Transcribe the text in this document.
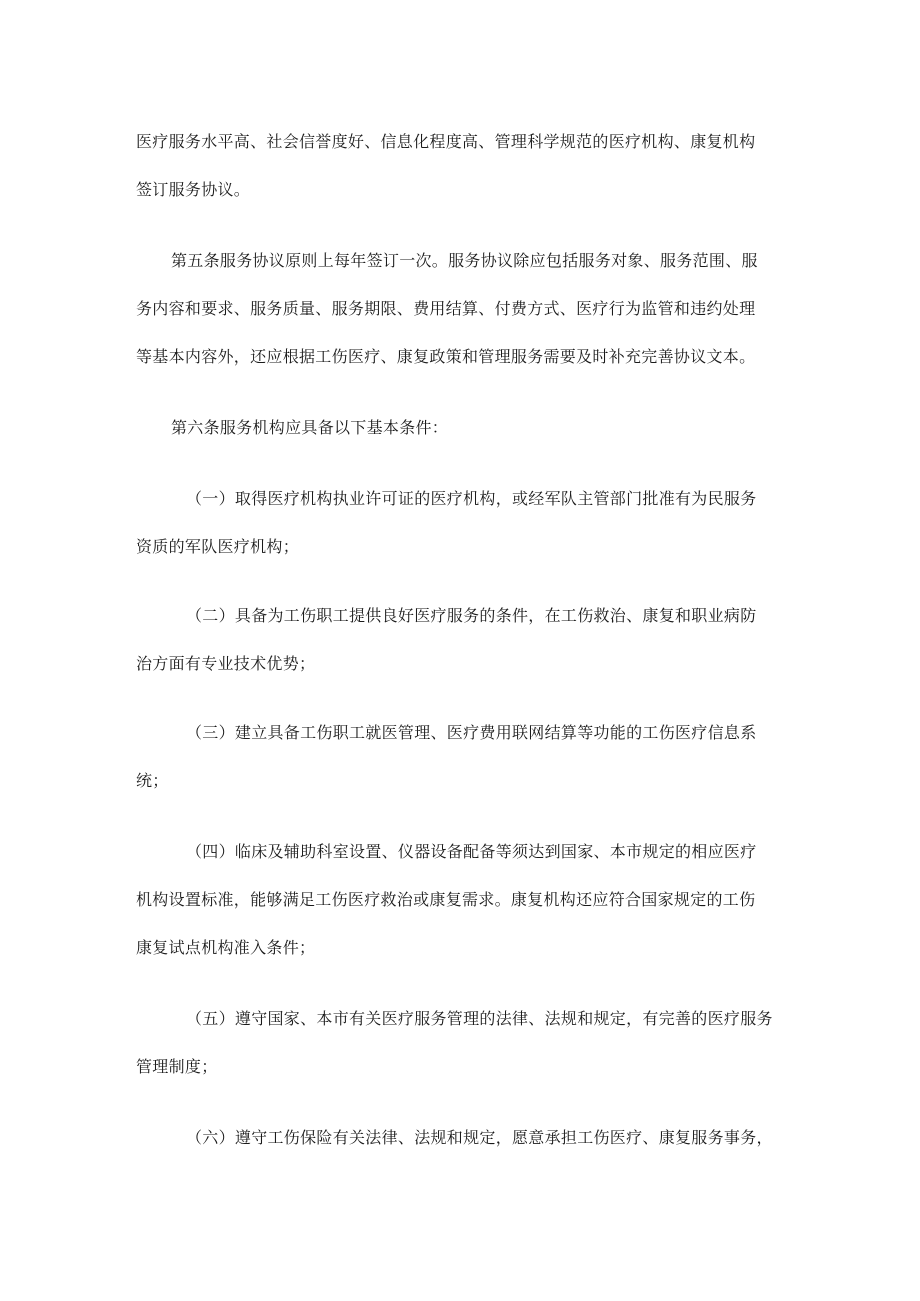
医疗服务水平高、社会信誉度好、信息化程度高、管理科学规范的医疗机构、康复机构

签订服务协议。

第五条服务协议原则上每年签订一次。服务协议除应包括服务对象、服务范围、服

务内容和要求、服务质量、服务期限、费用结算、付费方式、医疗行为监管和违约处理

等基本内容外，还应根据工伤医疗、康复政策和管理服务需要及时补充完善协议文本。

第六条服务机构应具备以下基本条件：

（一）取得医疗机构执业许可证的医疗机构，或经军队主管部门批准有为民服务

资质的军队医疗机构；

（二）具备为工伤职工提供良好医疗服务的条件，在工伤救治、康复和职业病防

治方面有专业技术优势；

（三）建立具备工伤职工就医管理、医疗费用联网结算等功能的工伤医疗信息系

统；

（四）临床及辅助科室设置、仪器设备配备等须达到国家、本市规定的相应医疗

机构设置标准，能够满足工伤医疗救治或康复需求。康复机构还应符合国家规定的工伤

康复试点机构准入条件；

（五）遵守国家、本市有关医疗服务管理的法律、法规和规定，有完善的医疗服务

管理制度；

（六）遵守工伤保险有关法律、法规和规定，愿意承担工伤医疗、康复服务事务，
